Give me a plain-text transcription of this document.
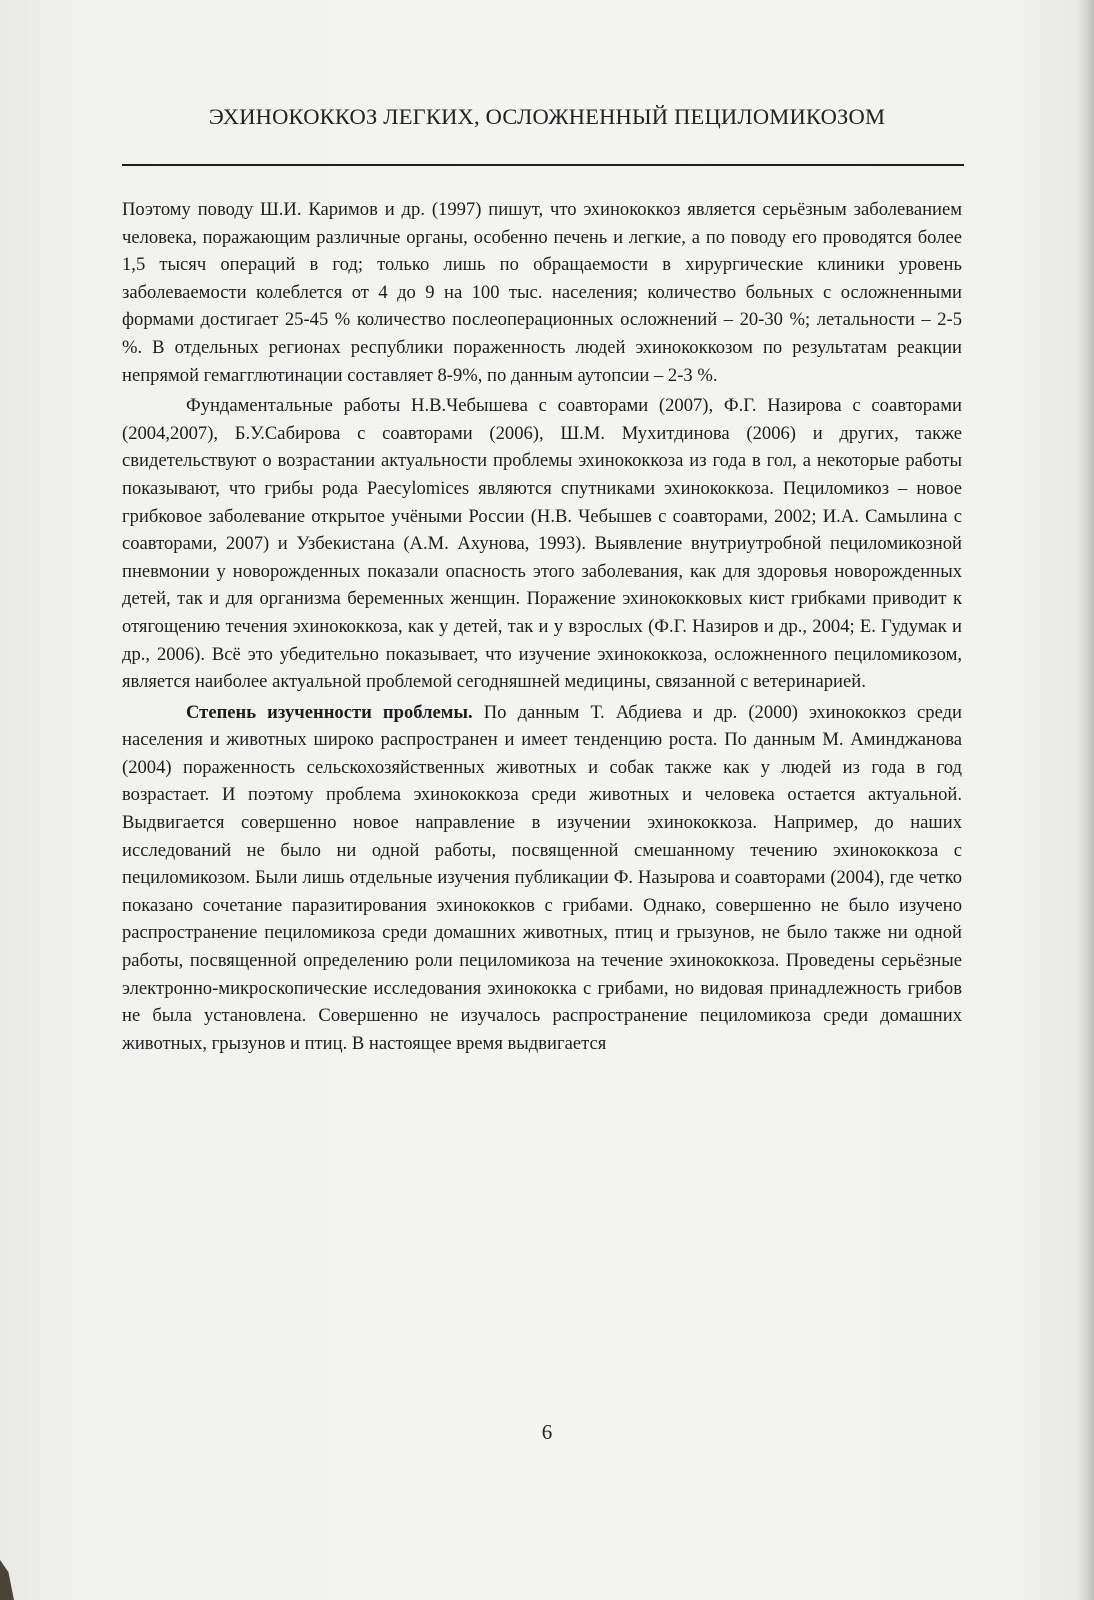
ЭХИНОКОККОЗ ЛЕГКИХ, ОСЛОЖНЕННЫЙ ПЕЦИЛОМИКОЗОМ

Поэтому поводу Ш.И. Каримов и др. (1997) пишут, что эхинококкоз является серьёзным заболеванием человека, поражающим различные органы, особенно печень и легкие, а по поводу его проводятся более 1,5 тысяч операций в год; только лишь по обращаемости в хирургические клиники уровень заболеваемости колеблется от 4 до 9 на 100 тыс. населения; количество больных с осложненными формами достигает 25-45 % количество послеоперационных осложнений – 20-30 %; летальности – 2-5 %. В отдельных регионах республики пораженность людей эхинококкозом по результатам реакции непрямой гемагглютинации составляет 8-9%, по данным аутопсии – 2-3 %.

Фундаментальные работы Н.В.Чебышева с соавторами (2007), Ф.Г. Назирова с соавторами (2004,2007), Б.У.Сабирова с соавторами (2006), Ш.М. Мухитдинова (2006) и других, также свидетельствуют о возрастании актуальности проблемы эхинококкоза из года в гол, а некоторые работы показывают, что грибы рода Paecylomices являются спутниками эхинококкоза. Пециломикоз – новое грибковое заболевание открытое учёными России (Н.В. Чебышев с соавторами, 2002; И.А. Самылина с соавторами, 2007) и Узбекистана (А.М. Ахунова, 1993). Выявление внутриутробной пециломикозной пневмонии у новорожденных показали опасность этого заболевания, как для здоровья новорожденных детей, так и для организма беременных женщин. Поражение эхинококковых кист грибками приводит к отягощению течения эхинококкоза, как у детей, так и у взрослых (Ф.Г. Назиров и др., 2004; Е. Гудумак и др., 2006). Всё это убедительно показывает, что изучение эхинококкоза, осложненного пециломикозом, является наиболее актуальной проблемой сегодняшней медицины, связанной с ветеринарией.

Степень изученности проблемы. По данным Т. Абдиева и др. (2000) эхинококкоз среди населения и животных широко распространен и имеет тенденцию роста. По данным М. Аминджанова (2004) пораженность сельскохозяйственных животных и собак также как у людей из года в год возрастает. И поэтому проблема эхинококкоза среди животных и человека остается актуальной. Выдвигается совершенно новое направление в изучении эхинококкоза. Например, до наших исследований не было ни одной работы, посвященной смешанному течению эхинококкоза с пециломикозом. Были лишь отдельные изучения публикации Ф. Назырова и соавторами (2004), где четко показано сочетание паразитирования эхинококков с грибами. Однако, совершенно не было изучено распространение пециломикоза среди домашних животных, птиц и грызунов, не было также ни одной работы, посвященной определению роли пециломикоза на течение эхинококкоза. Проведены серьёзные электронно-микроскопические исследования эхинококка с грибами, но видовая принадлежность грибов не была установлена. Совершенно не изучалось распространение пециломикоза среди домашних животных, грызунов и птиц. В настоящее время выдвигается

6
